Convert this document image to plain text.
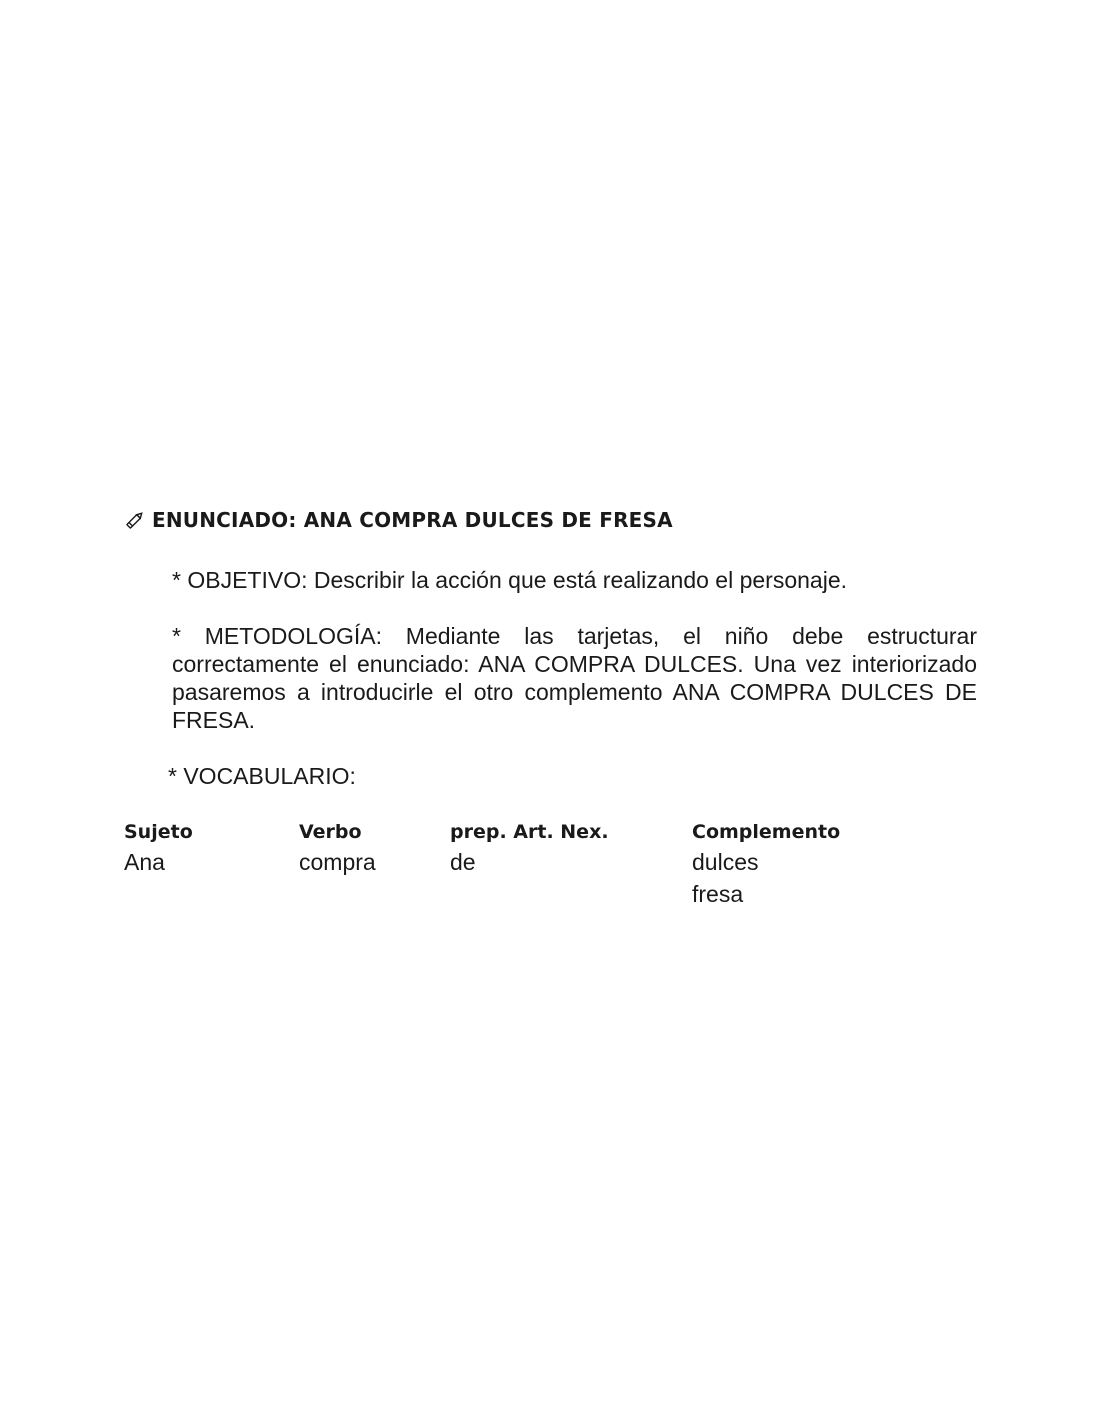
ENUNCIADO: ANA COMPRA DULCES DE FRESA
* OBJETIVO: Describir la acción que está realizando el personaje.
* METODOLOGÍA: Mediante las tarjetas, el niño debe estructurar correctamente el enunciado: ANA COMPRA DULCES. Una vez interiorizado pasaremos a introducirle el otro complemento ANA COMPRA DULCES DE FRESA.
* VOCABULARIO:
Sujeto
Ana
Verbo
compra
prep. Art. Nex.
de
Complemento
dulces
fresa
